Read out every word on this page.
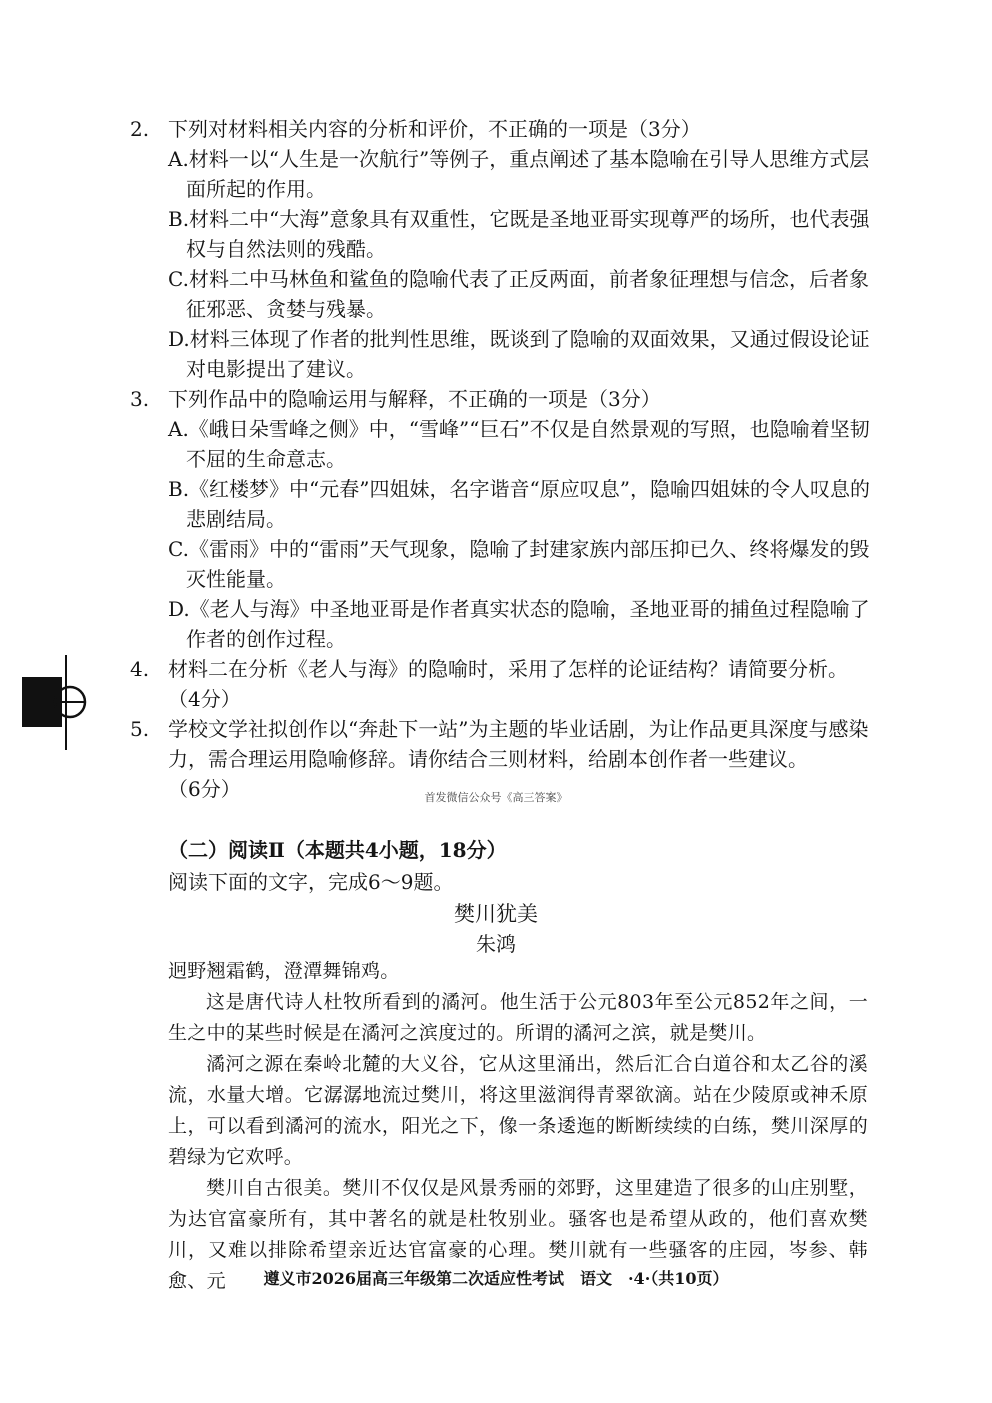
2. 下列对材料相关内容的分析和评价，不正确的一项是（3分）
A.材料一以“人生是一次航行”等例子，重点阐述了基本隐喻在引导人思维方式层面所起的作用。
B.材料二中“大海”意象具有双重性，它既是圣地亚哥实现尊严的场所，也代表强权与自然法则的残酷。
C.材料二中马林鱼和鲨鱼的隐喻代表了正反两面，前者象征理想与信念，后者象征邪恶、贪婪与残暴。
D.材料三体现了作者的批判性思维，既谈到了隐喻的双面效果，又通过假设论证对电影提出了建议。
3. 下列作品中的隐喻运用与解释，不正确的一项是（3分）
A.《峨日朵雪峰之侧》中，“雪峰”“巨石”不仅是自然景观的写照，也隐喻着坚韧不屈的生命意志。
B.《红楼梦》中“元春”四姐妹，名字谐音“原应叹息”，隐喻四姐妹的令人叹息的悲剧结局。
C.《雷雨》中的“雷雨”天气现象，隐喻了封建家族内部压抑已久、终将爆发的毁灭性能量。
D.《老人与海》中圣地亚哥是作者真实状态的隐喻，圣地亚哥的捕鱼过程隐喻了作者的创作过程。
4. 材料二在分析《老人与海》的隐喻时，采用了怎样的论证结构？请简要分析。
（4分）
5. 学校文学社拟创作以“奔赴下一站”为主题的毕业话剧，为让作品更具深度与感染力，需合理运用隐喻修辞。请你结合三则材料，给剧本创作者一些建议。
（6分）	首发微信公众号《高三答案》
（二）阅读Ⅱ（本题共4小题，18分）
阅读下面的文字，完成6～9题。
樊川犹美
朱鸿
迥野翘霜鹤，澄潭舞锦鸡。
这是唐代诗人杜牧所看到的潏河。他生活于公元803年至公元852年之间，一生之中的某些时候是在潏河之滨度过的。所谓的潏河之滨，就是樊川。
潏河之源在秦岭北麓的大义谷，它从这里涌出，然后汇合白道谷和太乙谷的溪流，水量大增。它潺潺地流过樊川，将这里滋润得青翠欲滴。站在少陵原或神禾原上，可以看到潏河的流水，阳光之下，像一条逶迤的断断续续的白练，樊川深厚的碧绿为它欢呼。
樊川自古很美。樊川不仅仅是风景秀丽的郊野，这里建造了很多的山庄别墅，为达官富豪所有，其中著名的就是杜牧别业。骚客也是希望从政的，他们喜欢樊川，又难以排除希望亲近达官富豪的心理。樊川就有一些骚客的庄园，岑参、韩愈、元	遵义市2026届高三年级第二次适应性考试　语文　·4·（共10页）
